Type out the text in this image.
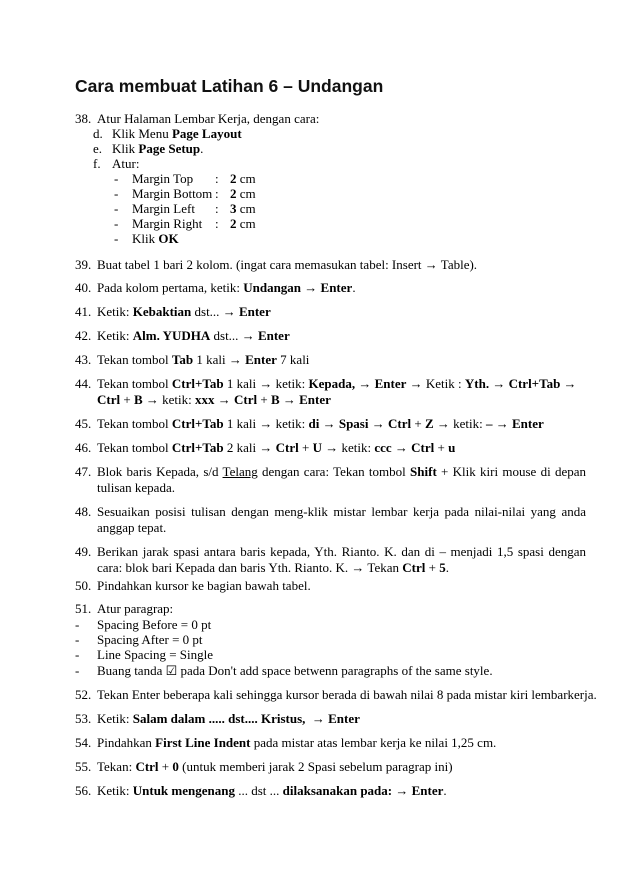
Cara membuat Latihan 6 – Undangan
38. Atur Halaman Lembar Kerja, dengan cara:
d. Klik Menu Page Layout
e. Klik Page Setup.
f. Atur:
- Margin Top : 2 cm
- Margin Bottom : 2 cm
- Margin Left : 3 cm
- Margin Right : 2 cm
- Klik OK
39. Buat tabel 1 bari 2 kolom. (ingat cara memasukan tabel: Insert → Table).
40. Pada kolom pertama, ketik: Undangan → Enter.
41. Ketik: Kebaktian dst... → Enter
42. Ketik: Alm. YUDHA dst... → Enter
43. Tekan tombol Tab 1 kali → Enter 7 kali
44. Tekan tombol Ctrl+Tab 1 kali → ketik: Kepada, → Enter → Ketik : Yth. → Ctrl+Tab →
Ctrl + B → ketik: xxx → Ctrl + B → Enter
45. Tekan tombol Ctrl+Tab 1 kali → ketik: di → Spasi → Ctrl + Z → ketik: – → Enter
46. Tekan tombol Ctrl+Tab 2 kali → Ctrl + U → ketik: ccc → Ctrl + u
47. Blok baris Kepada, s/d Telang dengan cara: Tekan tombol Shift + Klik kiri mouse di depan tulisan kepada.
48. Sesuaikan posisi tulisan dengan meng-klik mistar lembar kerja pada nilai-nilai yang anda anggap tepat.
49. Berikan jarak spasi antara baris kepada, Yth. Rianto. K. dan di – menjadi 1,5 spasi dengan cara: blok bari Kepada dan baris Yth. Rianto. K. → Tekan Ctrl + 5.
50. Pindahkan kursor ke bagian bawah tabel.
51. Atur paragrap:
- Spacing Before = 0 pt
- Spacing After = 0 pt
- Line Spacing = Single
- Buang tanda ☑ pada Don't add space betwenn paragraphs of the same style.
52. Tekan Enter beberapa kali sehingga kursor berada di bawah nilai 8 pada mistar kiri lembarkerja.
53. Ketik: Salam dalam ..... dst.... Kristus, → Enter
54. Pindahkan First Line Indent pada mistar atas lembar kerja ke nilai 1,25 cm.
55. Tekan: Ctrl + 0 (untuk memberi jarak 2 Spasi sebelum paragrap ini)
56. Ketik: Untuk mengenang ... dst ... dilaksanakan pada: → Enter.
